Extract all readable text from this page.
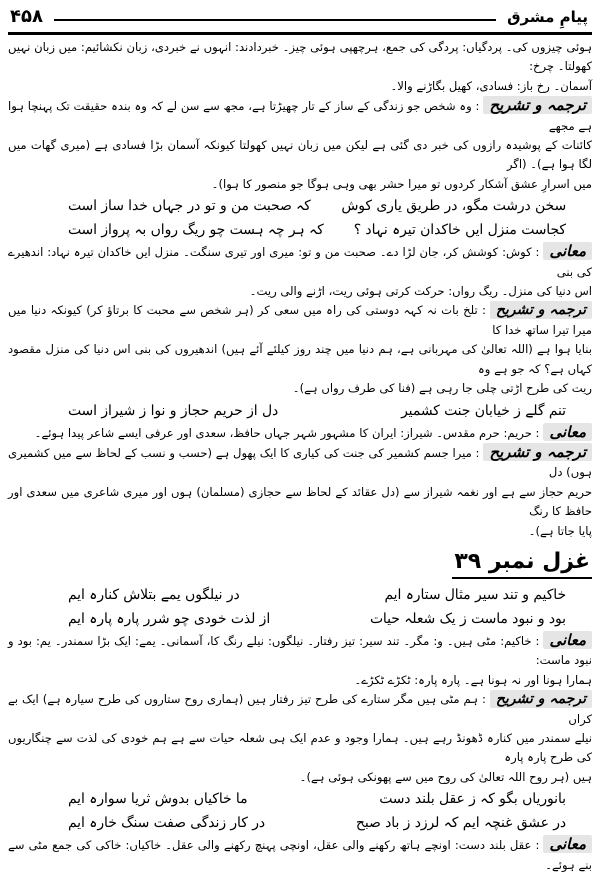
پیامِ مشرق
۴۵۸

ہوئی چیزوں کی۔ پردگیاں: پردگی کی جمع، ہرچھپی ہوئی چیز۔ خبردادند: انہوں نے خبردی، زبان نکشائیم: میں زبان نہیں کھولتا۔ چرخ:

آسمان۔ رخ باز: فسادی، کھیل بگاڑنے والا۔

ترجمہ و تشریح: وہ شخص جو زندگی کے ساز کے تار چھیڑتا ہے، مجھ سے سن لے کہ وہ بندہ حقیقت تک پہنچا ہوا ہے مجھے

کائنات کے پوشیدہ رازوں کی خبر دی گئی ہے لیکن میں زبان نہیں کھولتا کیونکہ آسمان بڑا فسادی ہے (میری گھات میں لگا ہوا ہے)۔ (اگر

میں اسرارِ عشق آشکار کردوں تو میرا حشر بھی وہی ہوگا جو منصور کا ہوا)۔

سخن درشت مگو، در طریق یاری کوش
کہ صحبت من و تو در جہاں خدا ساز است
کجاست منزل ایں خاکدان تیرہ نہاد ؟
کہ ہر چہ ہست چو ریگ رواں بہ پرواز است

معانی: کوش: کوشش کر، جان لڑا دے۔ صحبت من و تو: میری اور تیری سنگت۔ منزل ایں خاکدان تیرہ نہاد: اندھیرے کی بنی

اس دنیا کی منزل۔ ریگ رواں: حرکت کرتی ہوئی ریت، اڑنے والی ریت۔

ترجمہ و تشریح: تلخ بات نہ کہہ دوستی کی راہ میں سعی کر (ہر شخص سے محبت کا برتاؤ کر) کیونکہ دنیا میں میرا تیرا ساتھ خدا کا

بنایا ہوا ہے (اللہ تعالیٰ کی مہربانی ہے، ہم دنیا میں چند روز کیلئے آئے ہیں) اندھیروں کی بنی اس دنیا کی منزل مقصود کہاں ہے؟ کہ جو ہے وہ

ریت کی طرح اڑتی چلی جا رہی ہے (فنا کی طرف رواں ہے)۔

تنم گلے ز خیابان جنت کشمیر
دل از حریم حجاز و نوا ز شیراز است

معانی: حریم: حرم مقدس۔ شیراز: ایران کا مشہور شہر جہاں حافظ، سعدی اور عرفی ایسے شاعر پیدا ہوئے۔

ترجمہ و تشریح: میرا جسم کشمیر کی جنت کی کیاری کا ایک پھول ہے (حسب و نسب کے لحاظ سے میں کشمیری ہوں) دل

حریم حجاز سے ہے اور نغمہ شیراز سے (دل عقائد کے لحاظ سے حجازی (مسلمان) ہوں اور میری شاعری میں سعدی اور حافظ کا رنگ

پایا جاتا ہے)۔

غزل نمبر ۳۹
خاکیم و تند سیر مثال ستارہ ایم
در نیلگوں یمے بتلاش کنارہ ایم
بود و نبود ماست ز یک شعلہ حیات
از لذت خودی چو شرر پارہ پارہ ایم

معانی: خاکیم: مٹی ہیں۔ و: مگر۔ تند سیر: تیز رفتار۔ نیلگوں: نیلے رنگ کا، آسمانی۔ یمے: ایک بڑا سمندر۔ یم: بود و نبود ماست:

ہمارا ہونا اور نہ ہونا ہے۔ پارہ پارہ: ٹکڑے ٹکڑے۔

ترجمہ و تشریح: ہم مٹی ہیں مگر ستارے کی طرح تیز رفتار ہیں (ہماری روح ستاروں کی طرح سیارہ ہے) ایک بے کراں

نیلے سمندر میں کنارہ ڈھونڈ رہے ہیں۔ ہمارا وجود و عدم ایک ہی شعلہ حیات سے ہے ہم خودی کی لذت سے چنگاریوں کی طرح پارہ پارہ

ہیں (ہر روح اللہ تعالیٰ کی روح میں سے پھونکی ہوئی ہے)۔

بانوریاں بگو کہ ز عقل بلند دست
ما خاکیاں بدوش ثریا سوارہ ایم
در عشق غنچہ ایم کہ لرزد ز باد صبح
در کار زندگی صفت سنگ خارہ ایم

معانی: عقل بلند دست: اونچے ہاتھ رکھنے والی عقل، اونچی پہنچ رکھنے والی عقل۔ خاکیاں: خاکی کی جمع مٹی سے بنے ہوئے۔
